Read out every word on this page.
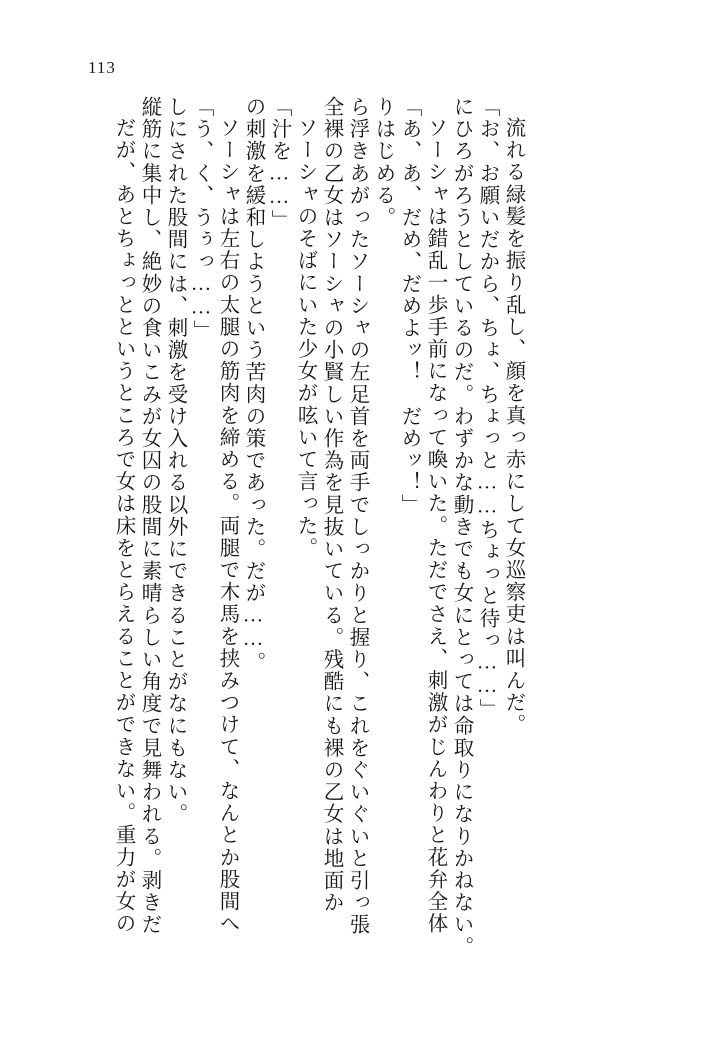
113
だが、あとちょっとというところで女は床をとらえることができない。重力が女の 縦筋に集中し、絶妙の食いこみが女囚の股間に素晴らしい角度で見舞われる。剥きだ しにされた股間には、刺激を受け入れる以外にできることがなにもない。 「う、く、うぅっ……」 ソーシャは左右の太腿の筋肉を締める。両腿で木馬を挟みつけて、なんとか股間へ の刺激を緩和しようという苦肉の策であった。だが……。 「汁を……」 ソーシャのそばにいた少女が呟いて言った。 全裸の乙女はソーシャの小賢しい作為を見抜いている。残酷にも裸の乙女は地面か ら浮きあがったソーシャの左足首を両手でしっかりと握り、これをぐいぐいと引っ張 りはじめる。 「あ、あ、だめ、だめよッ！　だめッ！」 ソーシャは錯乱一歩手前になって喚いた。ただでさえ、刺激がじんわりと花弁全体 にひろがろうとしているのだ。わずかな動きでも女にとっては命取りになりかねない。 「お、お願いだから、ちょ、ちょっと……ちょっと待っ……」 流れる緑髪を振り乱し、顔を真っ赤にして女巡察吏は叫んだ。
